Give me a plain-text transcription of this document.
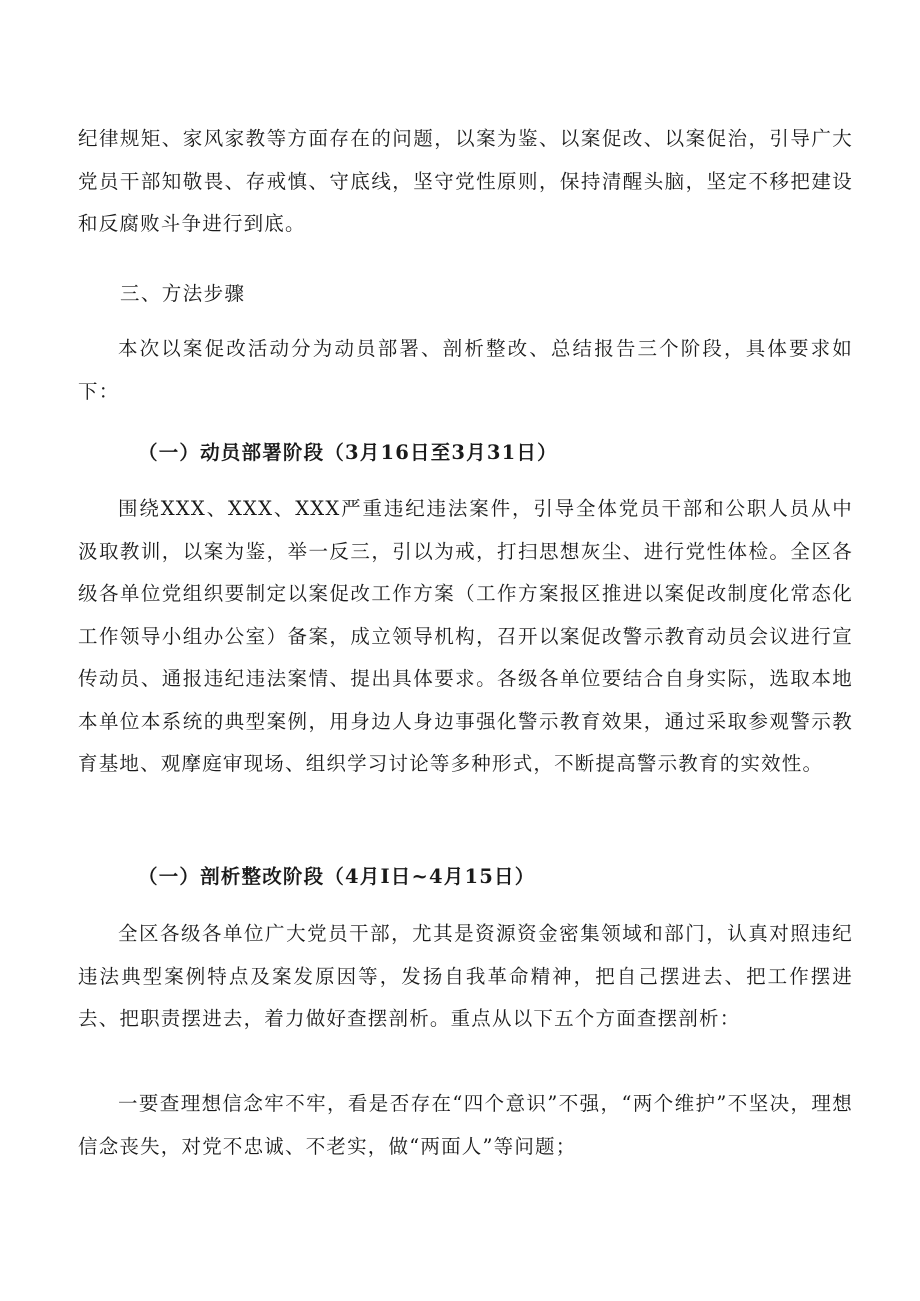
纪律规矩、家风家教等方面存在的问题，以案为鉴、以案促改、以案促治，引导广大党员干部知敬畏、存戒慎、守底线，坚守党性原则，保持清醒头脑，坚定不移把建设和反腐败斗争进行到底。

三、方法步骤

本次以案促改活动分为动员部署、剖析整改、总结报告三个阶段，具体要求如下：

（一）动员部署阶段（3月16日至3月31日）

围绕XXX、XXX、XXX严重违纪违法案件，引导全体党员干部和公职人员从中汲取教训，以案为鉴，举一反三，引以为戒，打扫思想灰尘、进行党性体检。全区各级各单位党组织要制定以案促改工作方案（工作方案报区推进以案促改制度化常态化工作领导小组办公室）备案，成立领导机构，召开以案促改警示教育动员会议进行宣传动员、通报违纪违法案情、提出具体要求。各级各单位要结合自身实际，选取本地本单位本系统的典型案例，用身边人身边事强化警示教育效果，通过采取参观警示教育基地、观摩庭审现场、组织学习讨论等多种形式，不断提高警示教育的实效性。

（一）剖析整改阶段（4月I日~4月15日）

全区各级各单位广大党员干部，尤其是资源资金密集领域和部门，认真对照违纪违法典型案例特点及案发原因等，发扬自我革命精神，把自己摆进去、把工作摆进去、把职责摆进去，着力做好查摆剖析。重点从以下五个方面查摆剖析：

一要查理想信念牢不牢，看是否存在“四个意识”不强，“两个维护”不坚决，理想信念丧失，对党不忠诚、不老实，做“两面人”等问题；
